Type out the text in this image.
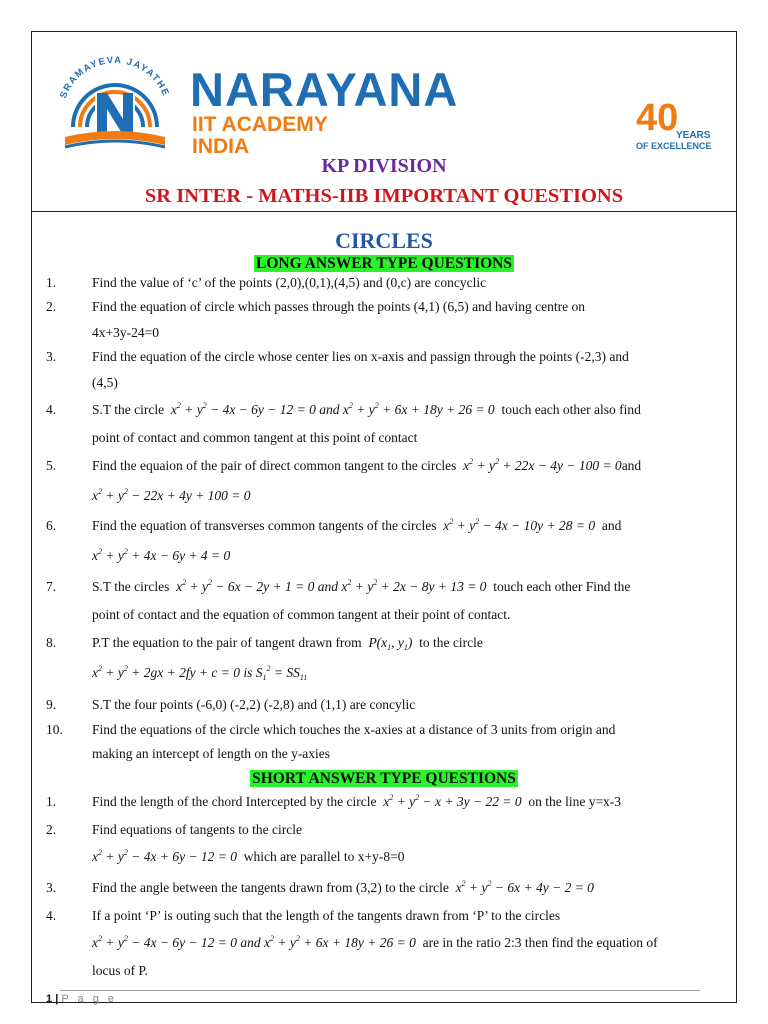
SRAMAYEVA JAYATHE NARAYANA
IIT ACADEMY
INDIA
40
YEARS
OF EXCELLENCE
KP DIVISION
SR INTER - MATHS-IIB IMPORTANT QUESTIONS
CIRCLES
LONG ANSWER TYPE QUESTIONS
1.	Find the value of ‘c’ of the points (2,0),(0,1),(4,5) and (0,c) are concyclic
2.	Find the equation of circle which passes through the points (4,1) (6,5) and having centre on
4x+3y-24=0
3.	Find the equation of the circle whose center lies on x-axis and passign through the points (-2,3) and
(4,5)
4.	S.T the circle $x^2 + y^2 - 4x - 6y - 12 = 0$ and $x^2 + y^2 + 6x + 18y + 26 = 0$ touch each other also find
point of contact and common tangent at this point of contact
5.	Find the equaion of the pair of direct common tangent to the circles $x^2 + y^2 + 22x - 4y - 100 = 0and$
$x^2 + y^2 - 22x + 4y + 100 = 0$
6.	Find the equation of transverses common tangents of the circles $x^2 + y^2 - 4x - 10y + 28 = 0$ and
$x^2 + y^2 + 4x - 6y + 4 = 0$
7.	S.T the circles $x^2 + y^2 - 6x - 2y + 1 = 0$ and $x^2 + y^2 + 2x - 8y + 13 = 0$ touch each other Find the
point of contact and the equation of common tangent at their point of contact.
8.	P.T the equation to the pair of tangent drawn from $P(x_1$, $y_1$) to the circle
$x^2 + y^2 + 2gx + 2fy + c = 0$ is $S_1^2 = SS_{11}$
9.	S.T the four points (-6,0) (-2,2) (-2,8) and (1,1) are concylic
10. Find the equations of the circle which touches the x-axies at a distance of 3 units from origin and
making an intercept of length on the y-axies
SHORT ANSWER TYPE QUESTIONS
1.	Find the length of the chord Intercepted by the circle $x^2 + y^2 - x + 3y - 22 = 0$ on the line y=x-3
2.	Find equations of tangents to the circle
$x^2 + y^2 - 4x + 6y - 12 = 0$ which are parallel to x+y-8=0
3.	Find the angle between the tangents drawn from (3,2) to the circle $x^2 + y^2 - 6x + 4y - 2 = 0$
4.	If a point ‘P’ is outing such that the length of the tangents drawn from ‘P’ to the circles
$x^2 + y^2 - 4x - 6y - 12 = 0$ and $x^2 + y^2 + 6x + 18y + 26 = 0$ are in the ratio 2:3 then find the equation of
locus of P.
1 | P a g e
